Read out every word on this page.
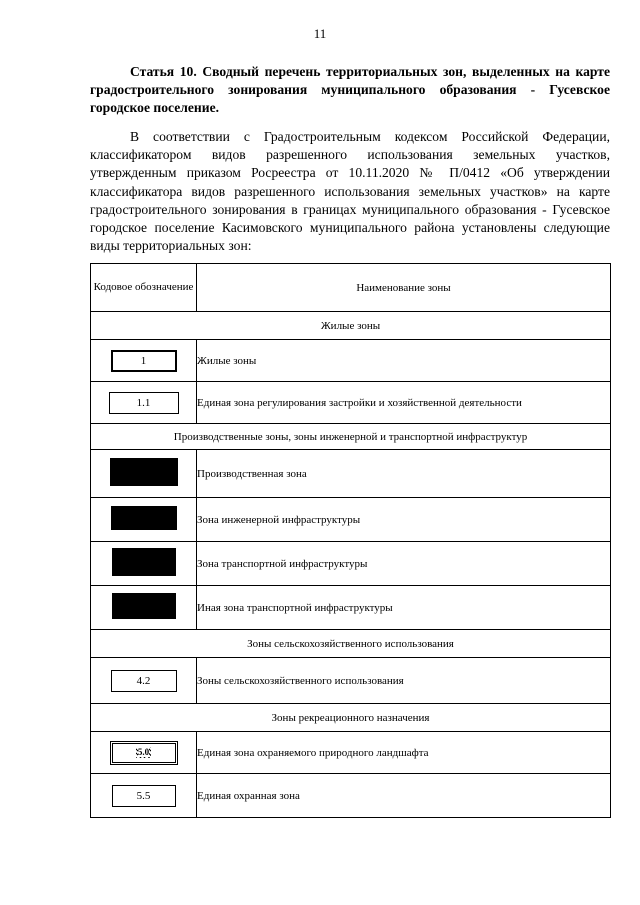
11
Статья 10. Сводный перечень территориальных зон, выделенных на карте градостроительного зонирования муниципального образования - Гусевское городское поселение.
В соответствии с Градостроительным кодексом Российской Федерации, классификатором видов разрешенного использования земельных участков, утвержденным приказом Росреестра от 10.11.2020 № П/0412 «Об утверждении классификатора видов разрешенного использования земельных участков» на карте градостроительного зонирования в границах муниципального образования - Гусевское городское поселение Касимовского муниципального района установлены следующие виды территориальных зон:
Кодовое обозначение	Наименование зоны
Жилые зоны	
1	Жилые зоны
1.1	Единая зона регулирования застройки и хозяйственной деятельности
Производственные зоны, зоны инженерной и транспортной инфраструктур	
	Производственная зона
	Зона инженерной инфраструктуры
	Зона транспортной инфраструктуры
	Иная зона транспортной инфраструктуры
Зоны сельскохозяйственного использования	
4.2	Зоны сельскохозяйственного использования
Зоны рекреационного назначения	
5.0	Единая зона охраняемого природного ландшафта
5.5	Единая охранная зона
